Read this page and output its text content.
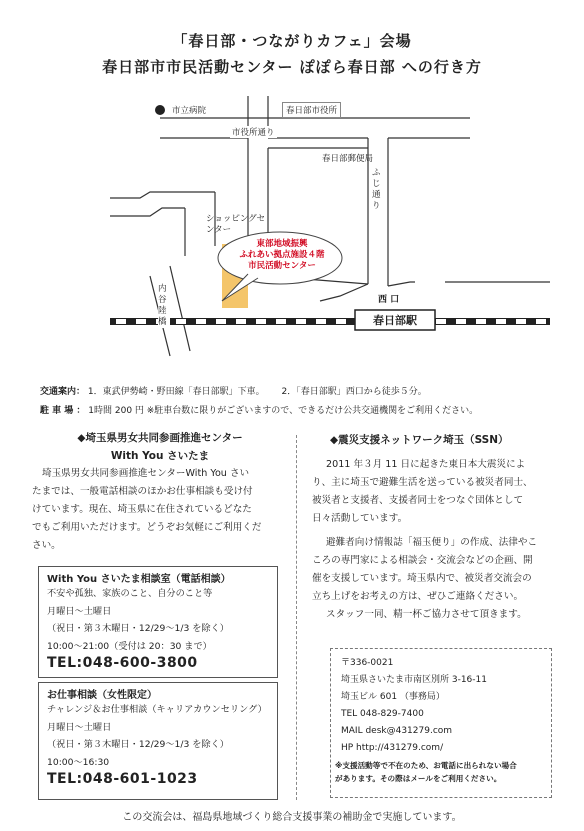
「春日部・つながりカフェ」会場
春日部市市民活動センター ぽぽら春日部 への行き方
市立病院	春日部市役所
市役所通り
春日部郵便局
ふじ通り
ショッピングセンター
東部地域振興
ふれあい拠点施設４階
市民活動センター
西 口
春日部駅
内谷陸橋
交通案内： 1．東武伊勢崎・野田線「春日部駅」下車。 2．「春日部駅」西口から徒歩５分。
駐 車 場 ： 1時間 200 円 ※駐車台数に限りがございますので、できるだけ公共交通機関をご利用ください。
◆埼玉県男女共同参画推進センター
With You さいたま
埼玉県男女共同参画推進センターWith You さい
たまでは、一般電話相談のほかお仕事相談も受け付
けています。現在、埼玉県に在住されているどなた
でもご利用いただけます。どうぞお気軽にご利用くだ
さい。
With You さいたま相談室（電話相談）
不安や孤独、家族のこと、自分のこと等
月曜日～土曜日
（祝日・第３木曜日・12/29～1/3 を除く）
10:00～21:00（受付は 20：30 まで）
TEL:048-600-3800
お仕事相談（女性限定）
チャレンジ＆お仕事相談（キャリアカウンセリング）
月曜日～土曜日
（祝日・第３木曜日・12/29～1/3 を除く）
10:00～16:30
TEL:048-601-1023
◆震災支援ネットワーク埼玉（SSN）
2011 年３月 11 日に起きた東日本大震災によ
り、主に埼玉で避難生活を送っている被災者同士、
被災者と支援者、支援者同士をつなぐ団体として
日々活動しています。
避難者向け情報誌「福玉便り」の作成、法律やこ
ころの専門家による相談会・交流会などの企画、開
催を支援しています。埼玉県内で、被災者交流会の
立ち上げをお考えの方は、ぜひご連絡ください。
スタッフ一同、精一杯ご協力させて頂きます。
〒336-0021
埼玉県さいたま市南区別所 3-16-11
埼玉ビル 601 （事務局）
TEL 048-829-7400
MAIL desk@431279.com
HP http://431279.com/
※支援活動等で不在のため、お電話に出られない場合
があります。その際はメールをご利用ください。
この交流会は、福島県地域づくり総合支援事業の補助金で実施しています。
